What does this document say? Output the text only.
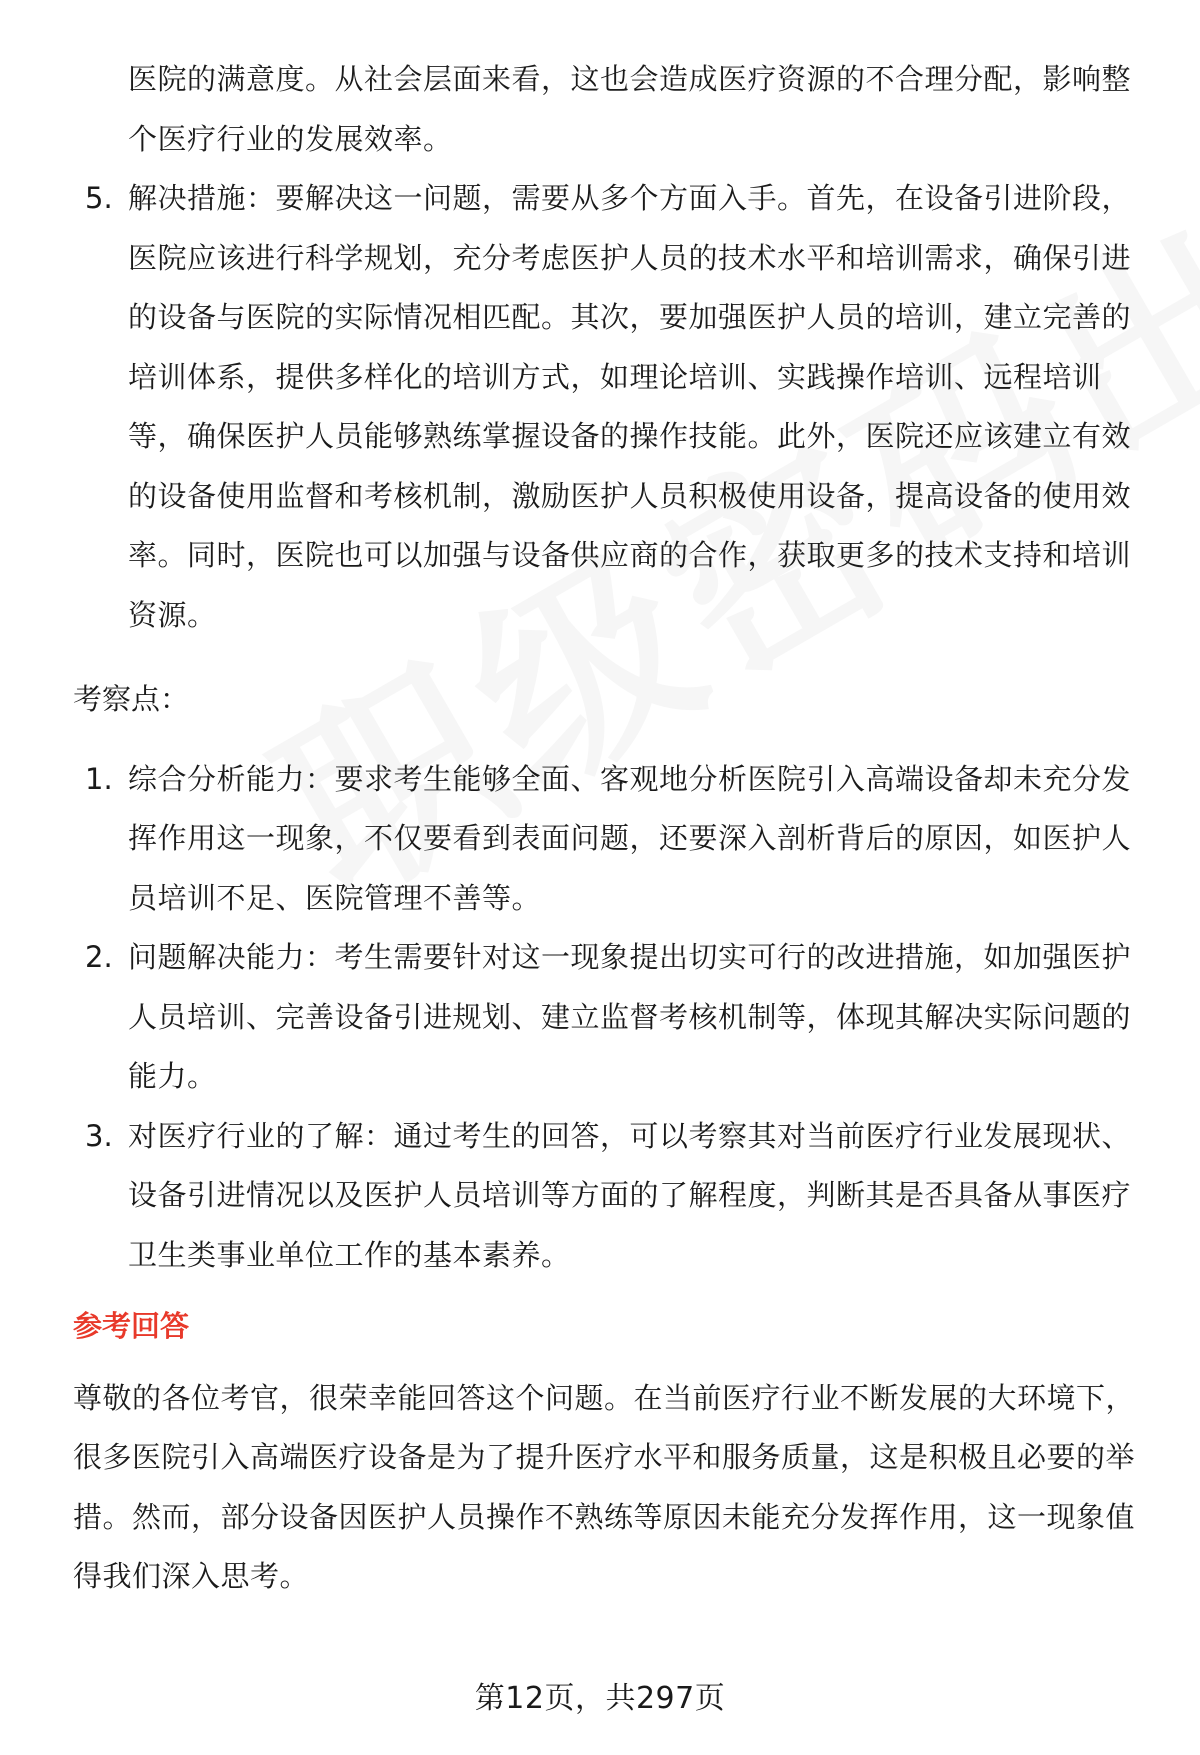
医院的满意度。从社会层面来看，这也会造成医疗资源的不合理分配，影响整个医疗行业的发展效率。

5. 解决措施：要解决这一问题，需要从多个方面入手。首先，在设备引进阶段，医院应该进行科学规划，充分考虑医护人员的技术水平和培训需求，确保引进的设备与医院的实际情况相匹配。其次，要加强医护人员的培训，建立完善的培训体系，提供多样化的培训方式，如理论培训、实践操作培训、远程培训等，确保医护人员能够熟练掌握设备的操作技能。此外，医院还应该建立有效的设备使用监督和考核机制，激励医护人员积极使用设备，提高设备的使用效率。同时，医院也可以加强与设备供应商的合作，获取更多的技术支持和培训资源。

考察点：

1. 综合分析能力：要求考生能够全面、客观地分析医院引入高端设备却未充分发挥作用这一现象，不仅要看到表面问题，还要深入剖析背后的原因，如医护人员培训不足、医院管理不善等。
2. 问题解决能力：考生需要针对这一现象提出切实可行的改进措施，如加强医护人员培训、完善设备引进规划、建立监督考核机制等，体现其解决实际问题的能力。
3. 对医疗行业的了解：通过考生的回答，可以考察其对当前医疗行业发展现状、设备引进情况以及医护人员培训等方面的了解程度，判断其是否具备从事医疗卫生类事业单位工作的基本素养。

参考回答

尊敬的各位考官，很荣幸能回答这个问题。在当前医疗行业不断发展的大环境下，很多医院引入高端医疗设备是为了提升医疗水平和服务质量，这是积极且必要的举措。然而，部分设备因医护人员操作不熟练等原因未能充分发挥作用，这一现象值得我们深入思考。

第12页，共297页
